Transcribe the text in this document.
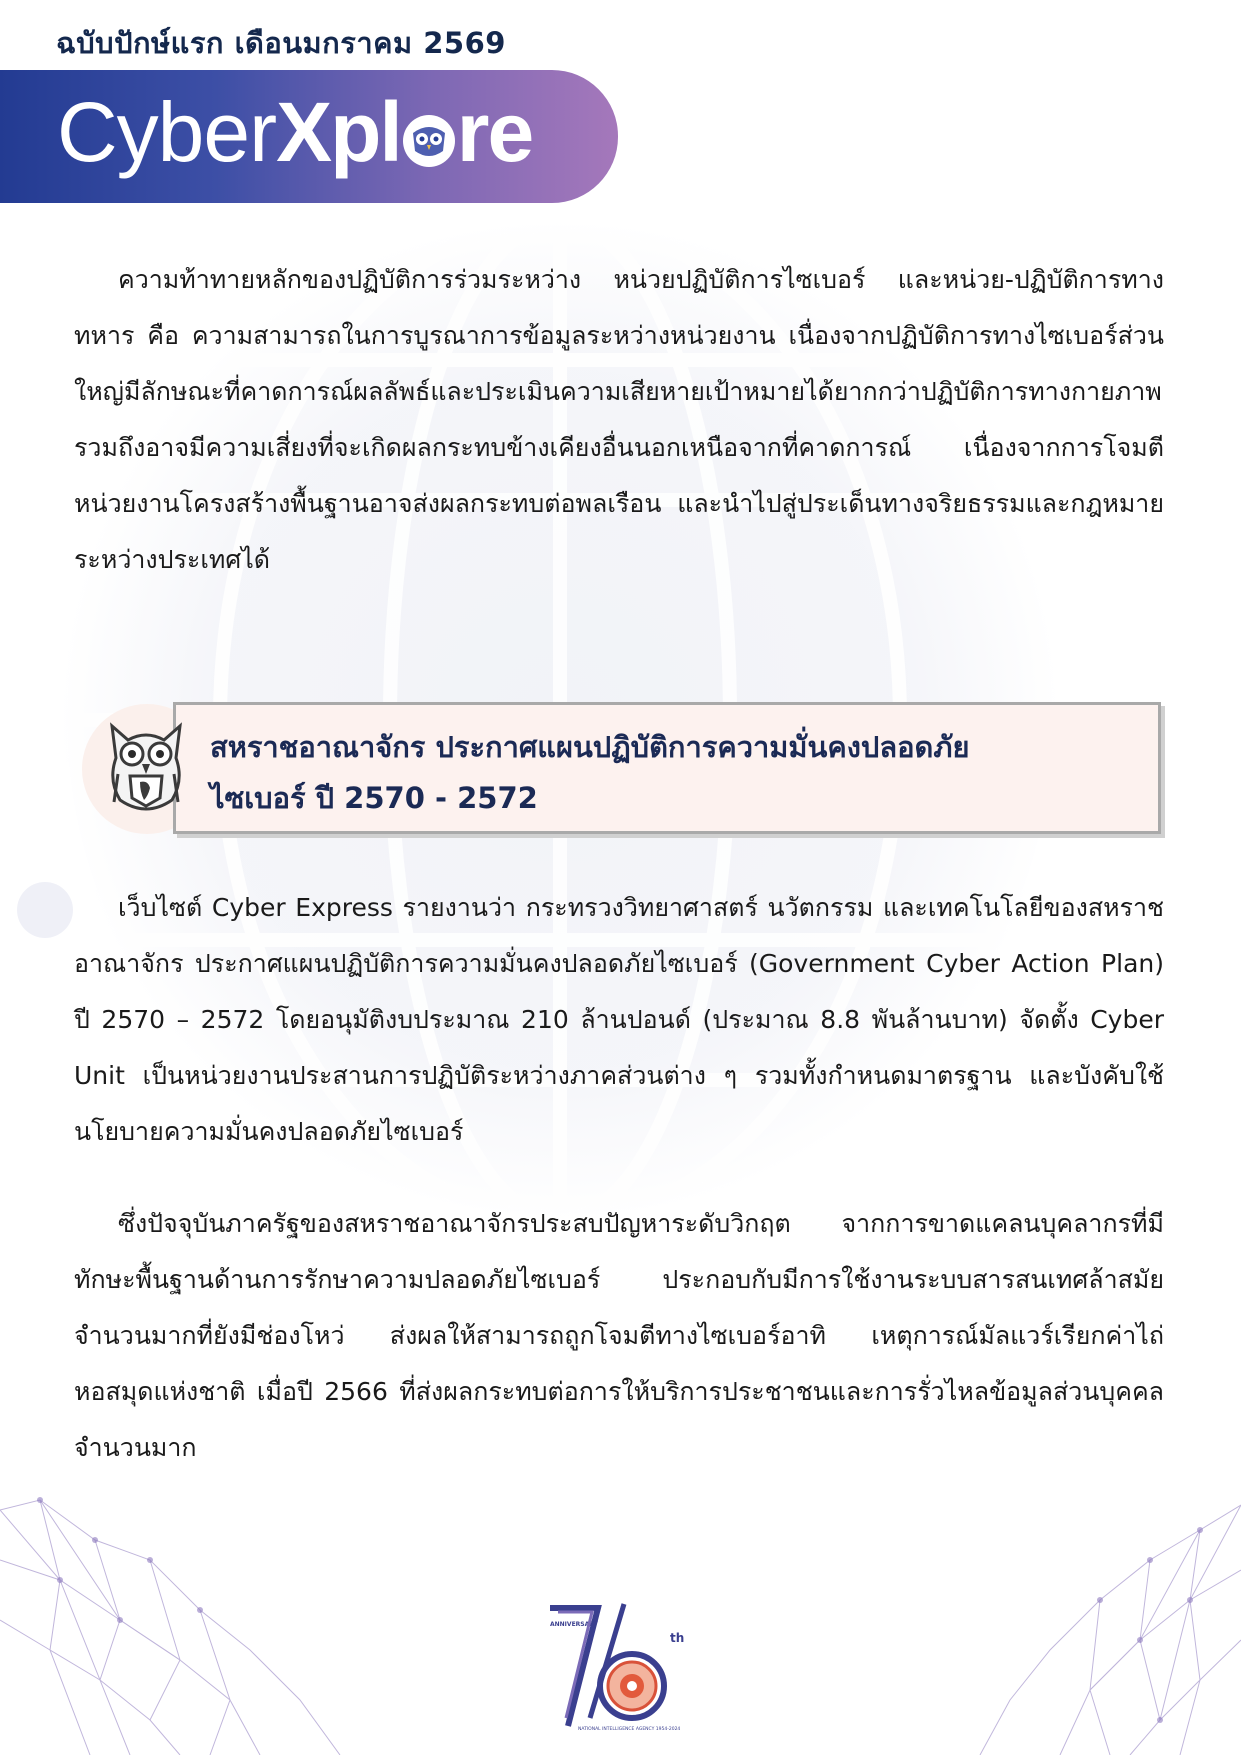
ฉบับปักษ์แรก เดือนมกราคม 2569
CyberXpl re
ความท้าทายหลักของปฏิบัติการร่วมระหว่าง หน่วยปฏิบัติการไซเบอร์ และหน่วย-ปฏิบัติการทางทหาร คือ ความสามารถในการบูรณาการข้อมูลระหว่างหน่วยงาน เนื่องจากปฏิบัติการทางไซเบอร์ส่วนใหญ่มีลักษณะที่คาดการณ์ผลลัพธ์และประเมินความเสียหายเป้าหมายได้ยากกว่าปฏิบัติการทางกายภาพ รวมถึงอาจมีความเสี่ยงที่จะเกิดผลกระทบข้างเคียงอื่นนอกเหนือจากที่คาดการณ์ เนื่องจากการโจมตีหน่วยงานโครงสร้างพื้นฐานอาจส่งผลกระทบต่อพลเรือน และนำไปสู่ประเด็นทางจริยธรรมและกฎหมายระหว่างประเทศได้
สหราชอาณาจักร ประกาศแผนปฏิบัติการความมั่นคงปลอดภัย
ไซเบอร์ ปี 2570 - 2572
เว็บไซต์ Cyber Express รายงานว่า กระทรวงวิทยาศาสตร์ นวัตกรรม และเทคโนโลยีของสหราชอาณาจักร ประกาศแผนปฏิบัติการความมั่นคงปลอดภัยไซเบอร์ (Government Cyber Action Plan) ปี 2570 – 2572 โดยอนุมัติงบประมาณ 210 ล้านปอนด์ (ประมาณ 8.8 พันล้านบาท) จัดตั้ง Cyber Unit เป็นหน่วยงานประสานการปฏิบัติระหว่างภาคส่วนต่าง ๆ รวมทั้งกำหนดมาตรฐาน และบังคับใช้นโยบายความมั่นคงปลอดภัยไซเบอร์
ซึ่งปัจจุบันภาครัฐของสหราชอาณาจักรประสบปัญหาระดับวิกฤต จากการขาดแคลนบุคลากรที่มีทักษะพื้นฐานด้านการรักษาความปลอดภัยไซเบอร์ ประกอบกับมีการใช้งานระบบสารสนเทศล้าสมัยจำนวนมากที่ยังมีช่องโหว่ ส่งผลให้สามารถถูกโจมตีทางไซเบอร์อาทิ เหตุการณ์มัลแวร์เรียกค่าไถ่หอสมุดแห่งชาติ เมื่อปี 2566 ที่ส่งผลกระทบต่อการให้บริการประชาชนและการรั่วไหลข้อมูลส่วนบุคคลจำนวนมาก
ANNIVERSARY
th
NATIONAL INTELLIGENCE AGENCY 1954-2024
